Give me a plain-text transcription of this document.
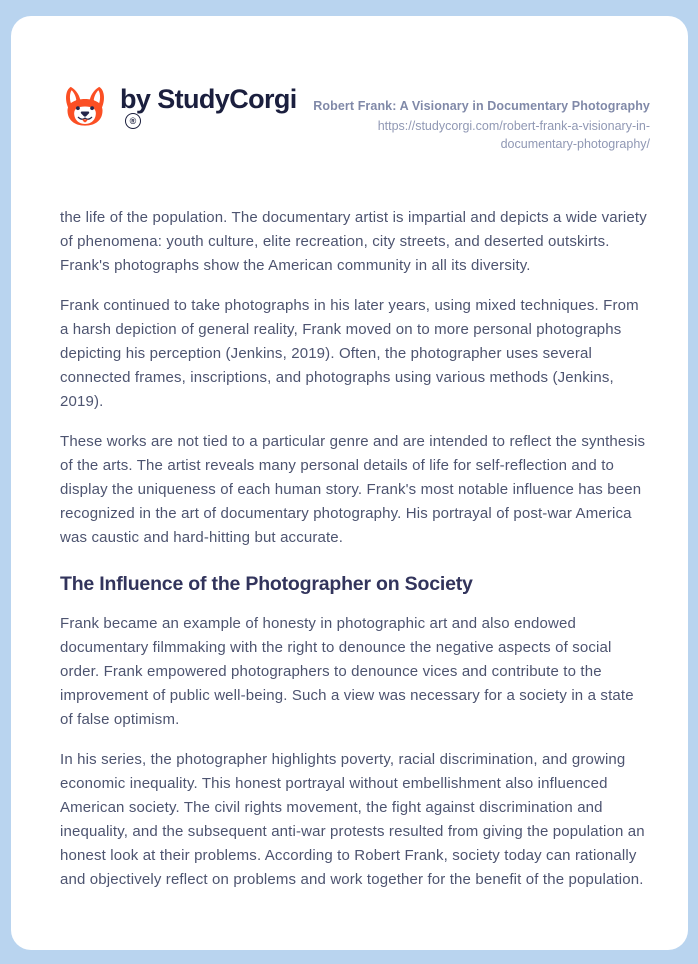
by StudyCorgi®
Robert Frank: A Visionary in Documentary Photography
https://studycorgi.com/robert-frank-a-visionary-in-documentary-photography/

the life of the population. The documentary artist is impartial and depicts a wide variety of phenomena: youth culture, elite recreation, city streets, and deserted outskirts. Frank's photographs show the American community in all its diversity.

Frank continued to take photographs in his later years, using mixed techniques. From a harsh depiction of general reality, Frank moved on to more personal photographs depicting his perception (Jenkins, 2019). Often, the photographer uses several connected frames, inscriptions, and photographs using various methods (Jenkins, 2019).

These works are not tied to a particular genre and are intended to reflect the synthesis of the arts. The artist reveals many personal details of life for self-reflection and to display the uniqueness of each human story. Frank's most notable influence has been recognized in the art of documentary photography. His portrayal of post-war America was caustic and hard-hitting but accurate.

The Influence of the Photographer on Society

Frank became an example of honesty in photographic art and also endowed documentary filmmaking with the right to denounce the negative aspects of social order. Frank empowered photographers to denounce vices and contribute to the improvement of public well-being. Such a view was necessary for a society in a state of false optimism.

In his series, the photographer highlights poverty, racial discrimination, and growing economic inequality. This honest portrayal without embellishment also influenced American society. The civil rights movement, the fight against discrimination and inequality, and the subsequent anti-war protests resulted from giving the population an honest look at their problems. According to Robert Frank, society today can rationally and objectively reflect on problems and work together for the benefit of the population.
